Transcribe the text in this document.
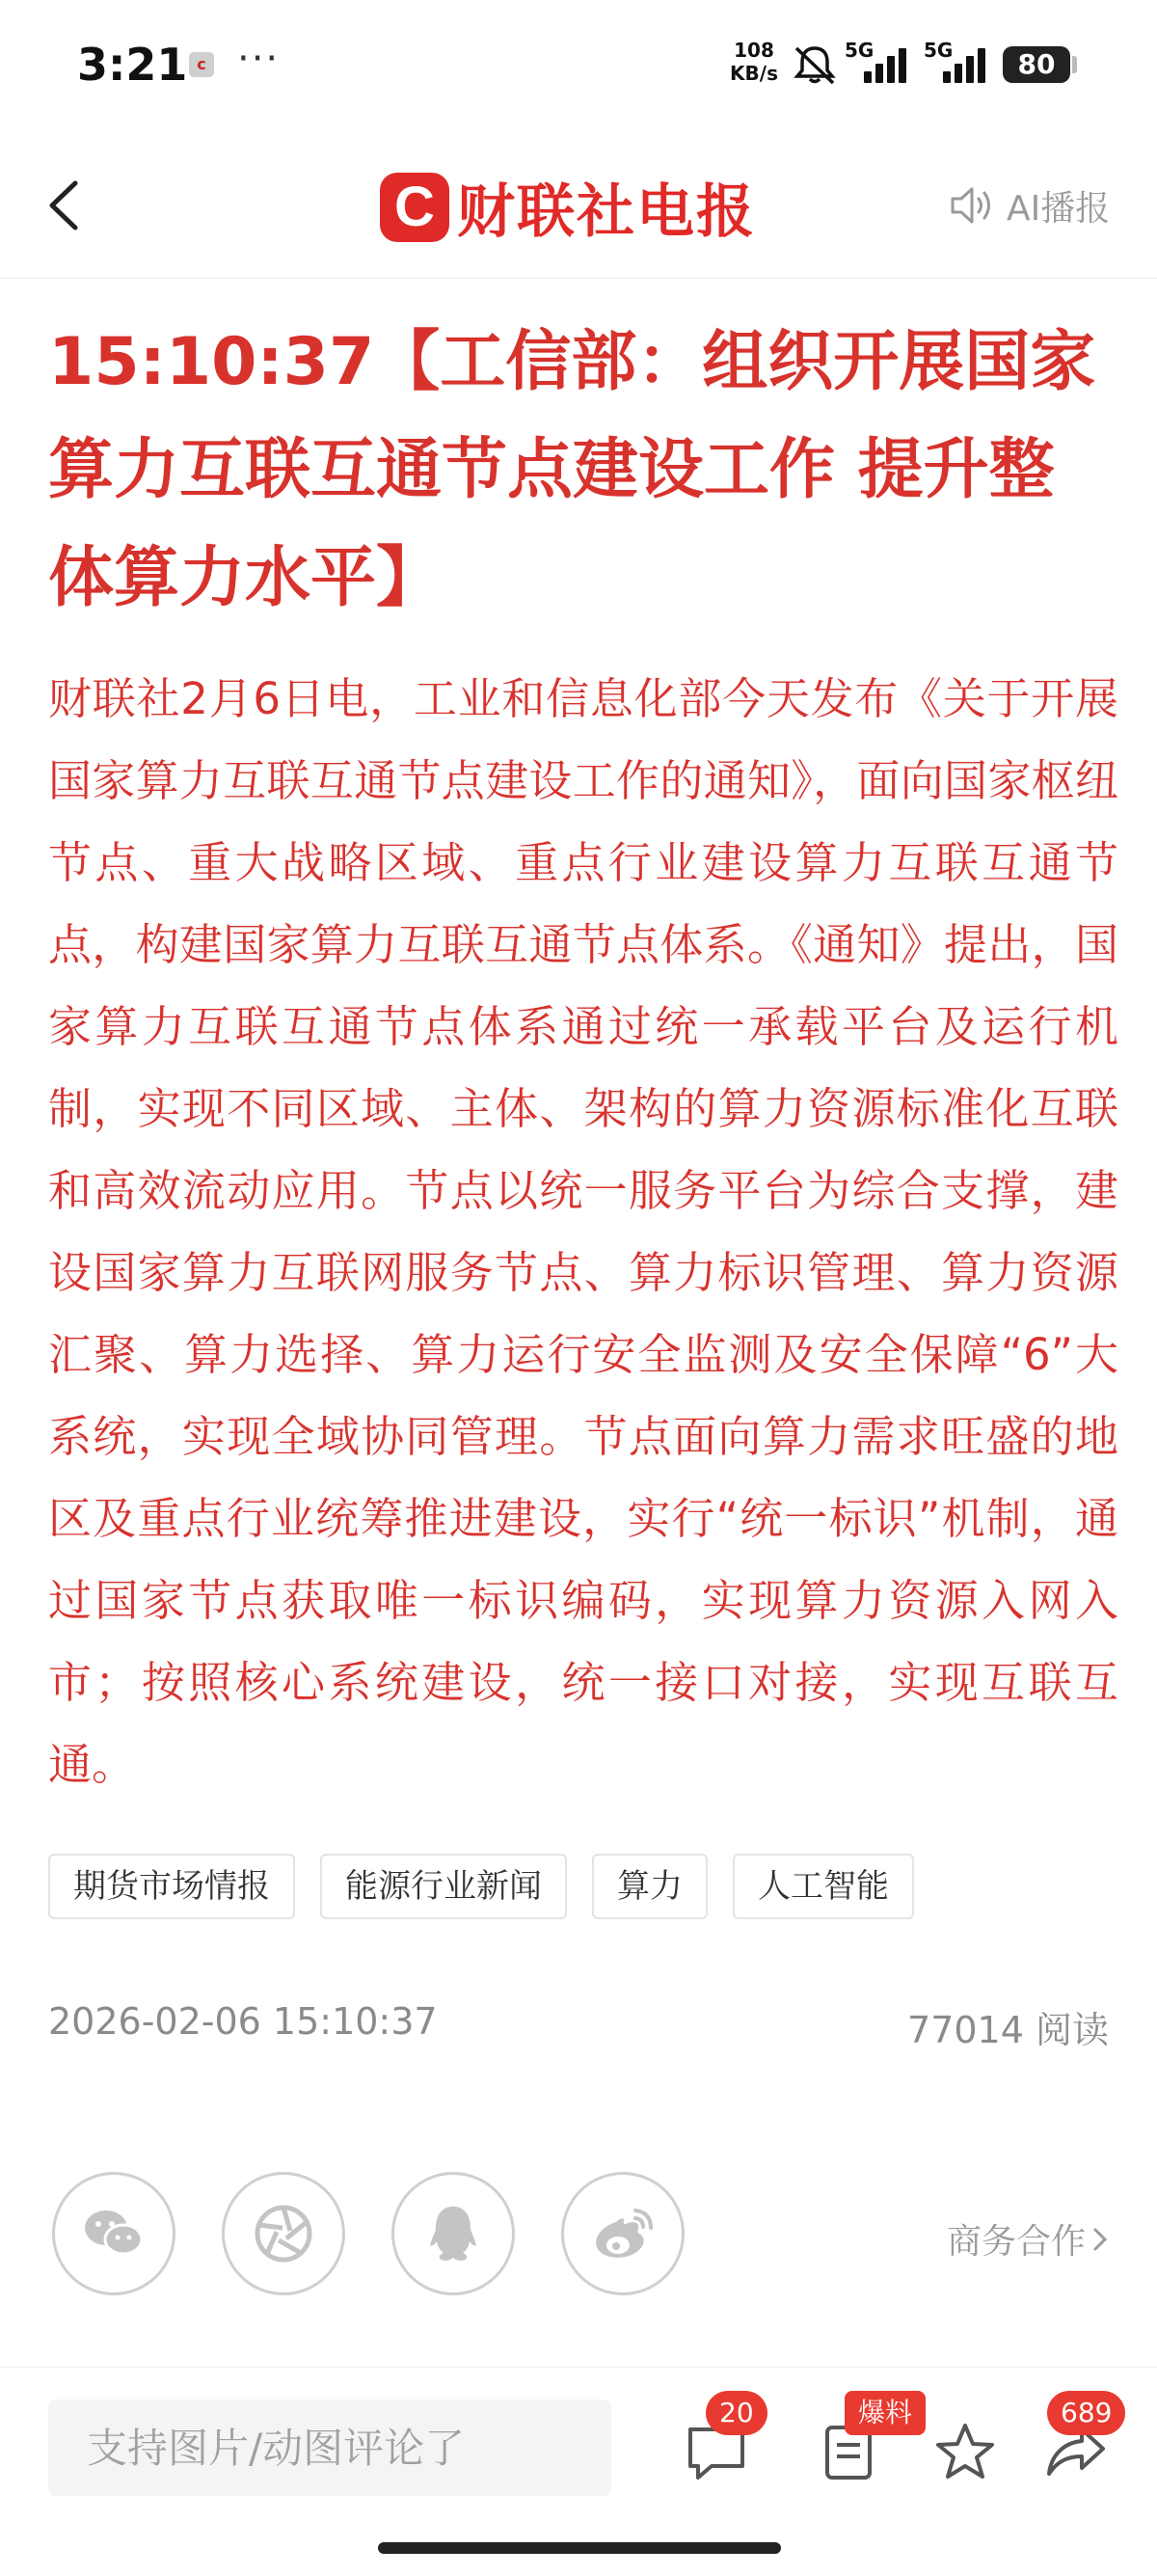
3:21 c ···	108
KB/s
5G	5G	80
C 财联社 电报	AI播报
15:10:37【工信部：组织开展国家算力互联互通节点建设工作 提升整体算力水平】

财联社2月6日电，工业和信息化部今天发布《关于开展国家算力互联互通节点建设工作的通知》，面向国家枢纽节点、重大战略区域、重点行业建设算力互联互通节点，构建国家算力互联互通节点体系。《通知》提出，国家算力互联互通节点体系通过统一承载平台及运行机制，实现不同区域、主体、架构的算力资源标准化互联和高效流动应用。节点以统一服务平台为综合支撑，建设国家算力互联网服务节点、算力标识管理、算力资源汇聚、算力选择、算力运行安全监测及安全保障“6”大系统，实现全域协同管理。节点面向算力需求旺盛的地区及重点行业统筹推进建设，实行“统一标识”机制，通过国家节点获取唯一标识编码，实现算力资源入网入市；按照核心系统建设，统一接口对接，实现互联互通。

期货市场情报	能源行业新闻	算力	人工智能
2026-02-06 15:10:37	77014 阅读
商务合作
支持图片/动图评论了
20	爆料	689
